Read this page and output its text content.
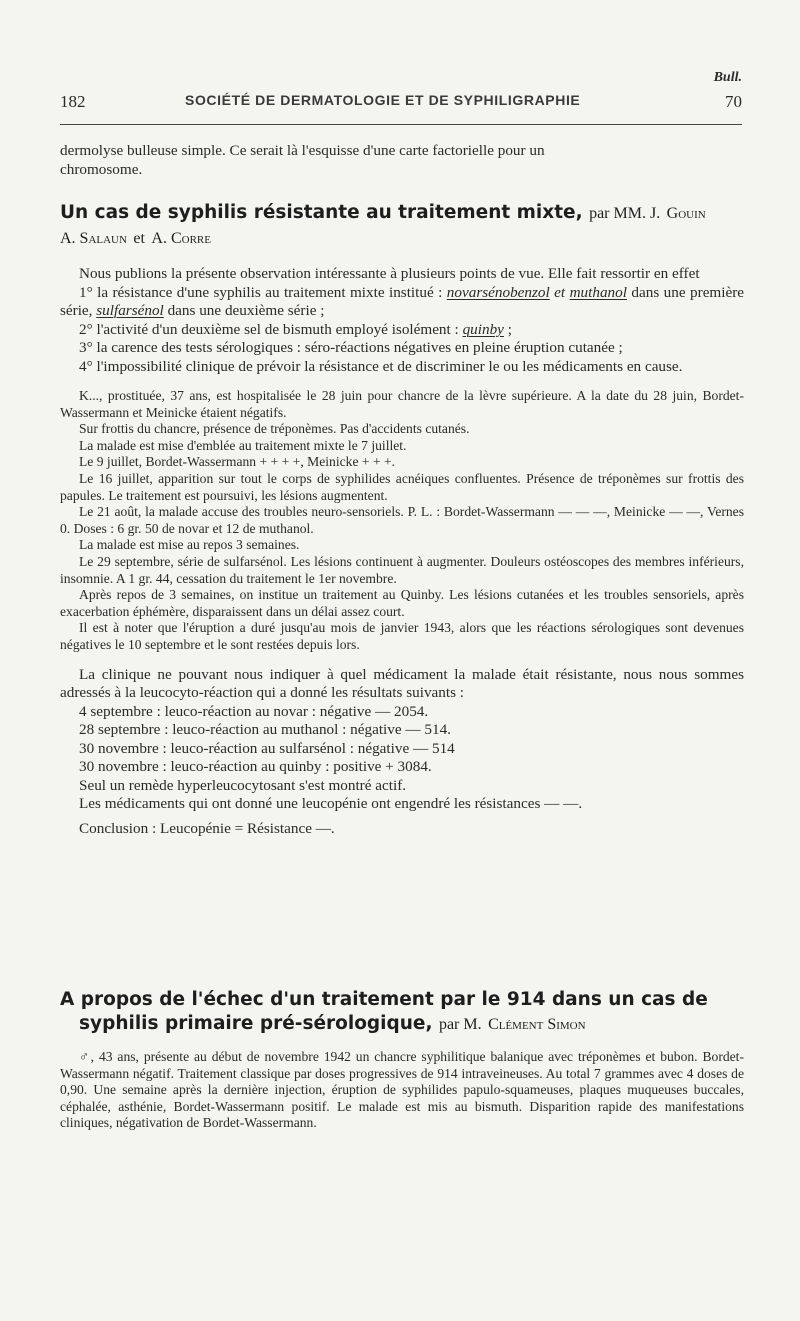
Bull.
182	SOCIÉTÉ DE DERMATOLOGIE ET DE SYPHILIGRAPHIE	70

dermolyse bulleuse simple. Ce serait là l'esquisse d'une carte factorielle pour un

chromosome.

Un cas de syphilis résistante au traitement mixte, par MM. J. Gouin
A. Salaun et A. Corre

Nous publions la présente observation intéressante à plusieurs points de vue. Elle fait ressortir en effet

1° la résistance d'une syphilis au traitement mixte institué : novarsénobenzol et muthanol dans une première série, sulfarsénol dans une deuxième série ;

2° l'activité d'un deuxième sel de bismuth employé isolément : quinby ;

3° la carence des tests sérologiques : séro-réactions négatives en pleine éruption cutanée ;

4° l'impossibilité clinique de prévoir la résistance et de discriminer le ou les médicaments en cause.

K..., prostituée, 37 ans, est hospitalisée le 28 juin pour chancre de la lèvre supérieure. A la date du 28 juin, Bordet-Wassermann et Meinicke étaient négatifs.

Sur frottis du chancre, présence de tréponèmes. Pas d'accidents cutanés.

La malade est mise d'emblée au traitement mixte le 7 juillet.

Le 9 juillet, Bordet-Wassermann + + + +, Meinicke + + +.

Le 16 juillet, apparition sur tout le corps de syphilides acnéiques confluentes. Présence de tréponèmes sur frottis des papules. Le traitement est poursuivi, les lésions augmentent.

Le 21 août, la malade accuse des troubles neuro-sensoriels. P. L. : Bordet-Wassermann — — —, Meinicke — —, Vernes 0. Doses : 6 gr. 50 de novar et 12 de muthanol.

La malade est mise au repos 3 semaines.

Le 29 septembre, série de sulfarsénol. Les lésions continuent à augmenter. Douleurs ostéoscopes des membres inférieurs, insomnie. A 1 gr. 44, cessation du traitement le 1er novembre.

Après repos de 3 semaines, on institue un traitement au Quinby. Les lésions cutanées et les troubles sensoriels, après exacerbation éphémère, disparaissent dans un délai assez court.

Il est à noter que l'éruption a duré jusqu'au mois de janvier 1943, alors que les réactions sérologiques sont devenues négatives le 10 septembre et le sont restées depuis lors.

La clinique ne pouvant nous indiquer à quel médicament la malade était résistante, nous nous sommes adressés à la leucocyto-réaction qui a donné les résultats suivants :

4 septembre : leuco-réaction au novar : négative — 2054.

28 septembre : leuco-réaction au muthanol : négative — 514.

30 novembre : leuco-réaction au sulfarsénol : négative — 514

30 novembre : leuco-réaction au quinby : positive + 3084.

Seul un remède hyperleucocytosant s'est montré actif.

Les médicaments qui ont donné une leucopénie ont engendré les résistances — —.

Conclusion : Leucopénie = Résistance —.

A propos de l'échec d'un traitement par le 914 dans un cas de
syphilis primaire pré-sérologique, par M. Clément Simon

♂, 43 ans, présente au début de novembre 1942 un chancre syphilitique balanique avec tréponèmes et bubon. Bordet-Wassermann négatif. Traitement classique par doses progressives de 914 intraveineuses. Au total 7 grammes avec 4 doses de 0,90. Une semaine après la dernière injection, éruption de syphilides papulo-squameuses, plaques muqueuses buccales, céphalée, asthénie, Bordet-Wassermann positif. Le malade est mis au bismuth. Disparition rapide des manifestations cliniques, négativation de Bordet-Wassermann.
